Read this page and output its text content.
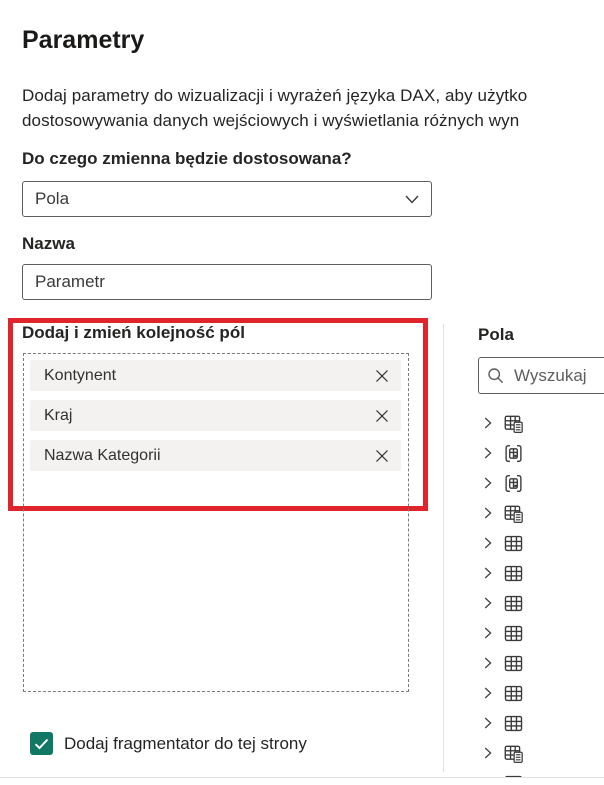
Parametry
Dodaj parametry do wizualizacji i wyrażeń języka DAX, aby użytko
dostosowywania danych wejściowych i wyświetlania różnych wyn
Do czego zmienna będzie dostosowana?
Pola
Nazwa
Parametr
Dodaj i zmień kolejność pól
Kontynent
Kraj
Nazwa Kategorii
Dodaj fragmentator do tej strony
Pola
Wyszukaj
